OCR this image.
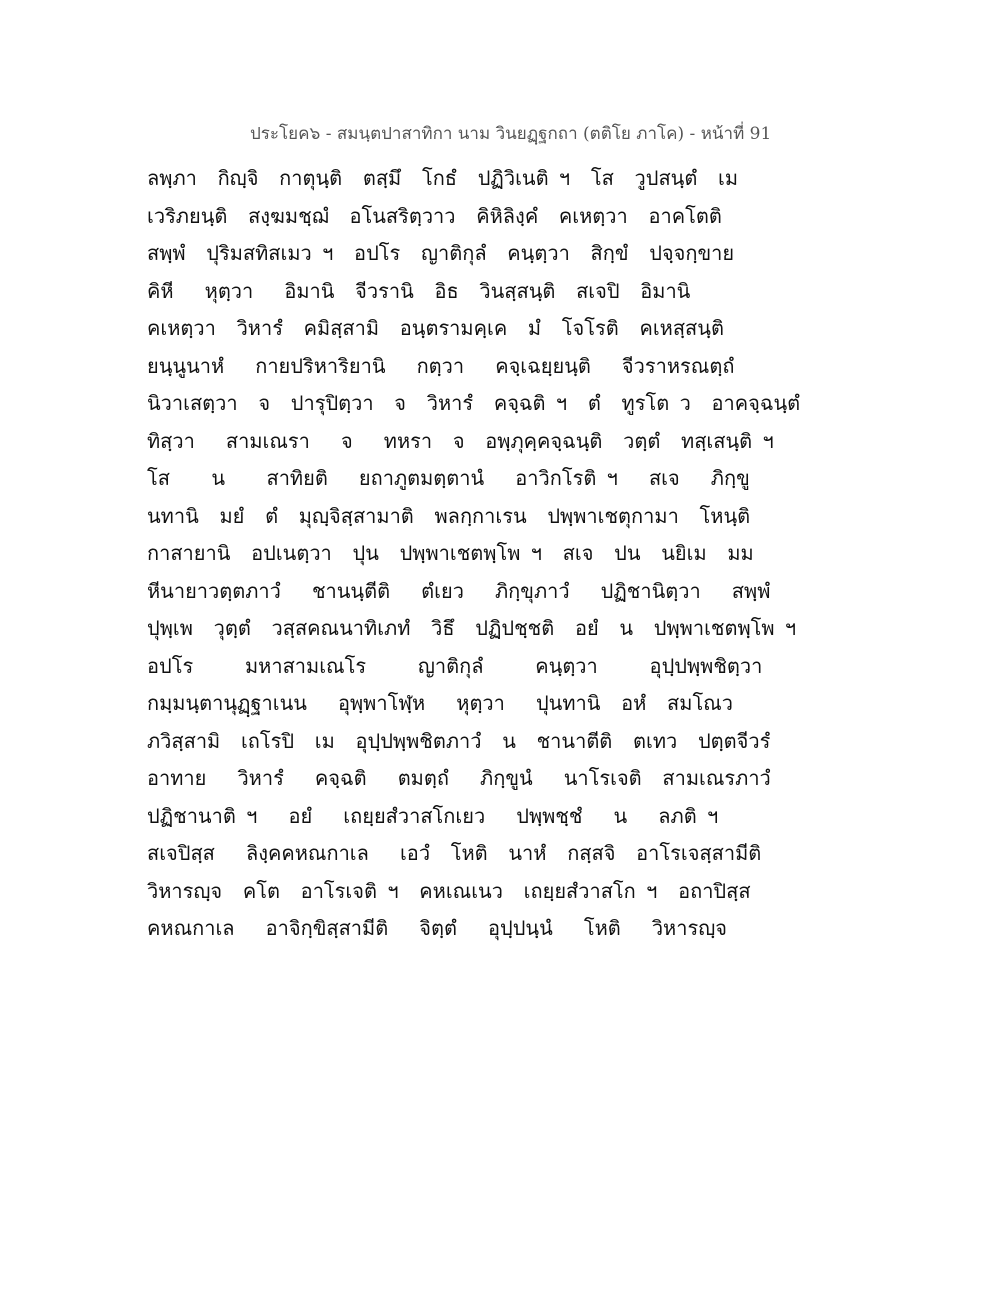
ประโยค๖ - สมนฺตปาสาทิกา นาม วินยฏฺฐกถา (ตติโย ภาโค) - หน้าที่ 91
ลพฺภา  กิญฺจิ  กาตุนฺติ  ตสฺมึ  โกธํ  ปฏิวิเนติ ฯ  โส  วูปสนฺตํ  เม
เวริภยนฺติ  สงฺฆมชฺฌํ  อโนสริตฺวาว  คิหิลิงฺคํ  คเหตฺวา  อาคโตติ
สพฺพํ  ปุริมสทิสเมว ฯ  อปโร  ญาติกุลํ  คนฺตฺวา  สิกฺขํ  ปจฺจกฺขาย
คิหี   หุตฺวา   อิมานิ  จีวรานิ  อิธ  วินสฺสนฺติ  สเจปิ  อิมานิ
คเหตฺวา  วิหารํ  คมิสฺสามิ  อนฺตรามคฺเค  มํ  โจโรติ  คเหสฺสนฺติ
ยนฺนูนาหํ   กายปริหาริยานิ   กตฺวา   คจฺเฉยฺยนฺติ   จีวราหรณตฺถํ
นิวาเสตฺวา  จ  ปารุปิตฺวา  จ  วิหารํ  คจฺฉติ ฯ  ตํ  ทูรโต ว  อาคจฺฉนฺตํ
ทิสฺวา   สามเณรา   จ   ทหรา  จ  อพฺภุคฺคจฺฉนฺติ  วตฺตํ  ทสฺเสนฺติ ฯ
โส    น    สาทิยติ   ยถาภูตมตฺตานํ   อาวิกโรติ ฯ   สเจ   ภิกฺขู
นทานิ  มยํ  ตํ  มุญฺจิสฺสามาติ  พลกฺกาเรน  ปพฺพาเชตุกามา  โหนฺติ
กาสายานิ  อปเนตฺวา  ปุน  ปพฺพาเชตพฺโพ ฯ  สเจ  ปน  นยิเม  มม
หีนายาวตฺตภาวํ   ชานนฺตีติ   ตํเยว   ภิกฺขุภาวํ   ปฏิชานิตฺวา   สพฺพํ
ปุพฺเพ  วุตฺตํ  วสฺสคณนาทิเภทํ  วิธึ  ปฏิปชฺชติ  อยํ  น  ปพฺพาเชตพฺโพ ฯ
อปโร     มหาสามเณโร     ญาติกุลํ     คนฺตฺวา     อุปฺปพฺพชิตฺวา
กมฺมนฺตานุฏฺฐาเนน   อุพฺพาโฬฺห   หุตฺวา   ปุนทานิ  อหํ  สมโณว
ภวิสฺสามิ  เถโรปิ  เม  อุปฺปพฺพชิตภาวํ  น  ชานาตีติ  ตเทว  ปตฺตจีวรํ
อาทาย   วิหารํ   คจฺฉติ   ตมตฺถํ   ภิกฺขูนํ   นาโรเจติ  สามเณรภาวํ
ปฏิชานาติ ฯ   อยํ   เถยฺยสํวาสโกเยว   ปพฺพชฺชํ   น   ลภติ ฯ
สเจปิสฺส   ลิงฺคคหณกาเล   เอวํ  โหติ  นาหํ  กสฺสจิ  อาโรเจสฺสามีติ
วิหารญฺจ  คโต  อาโรเจติ ฯ  คหเณเนว  เถยฺยสํวาสโก ฯ  อถาปิสฺส
คหณกาเล   อาจิกฺขิสฺสามีติ   จิตฺตํ   อุปฺปนฺนํ   โหติ   วิหารญฺจ
